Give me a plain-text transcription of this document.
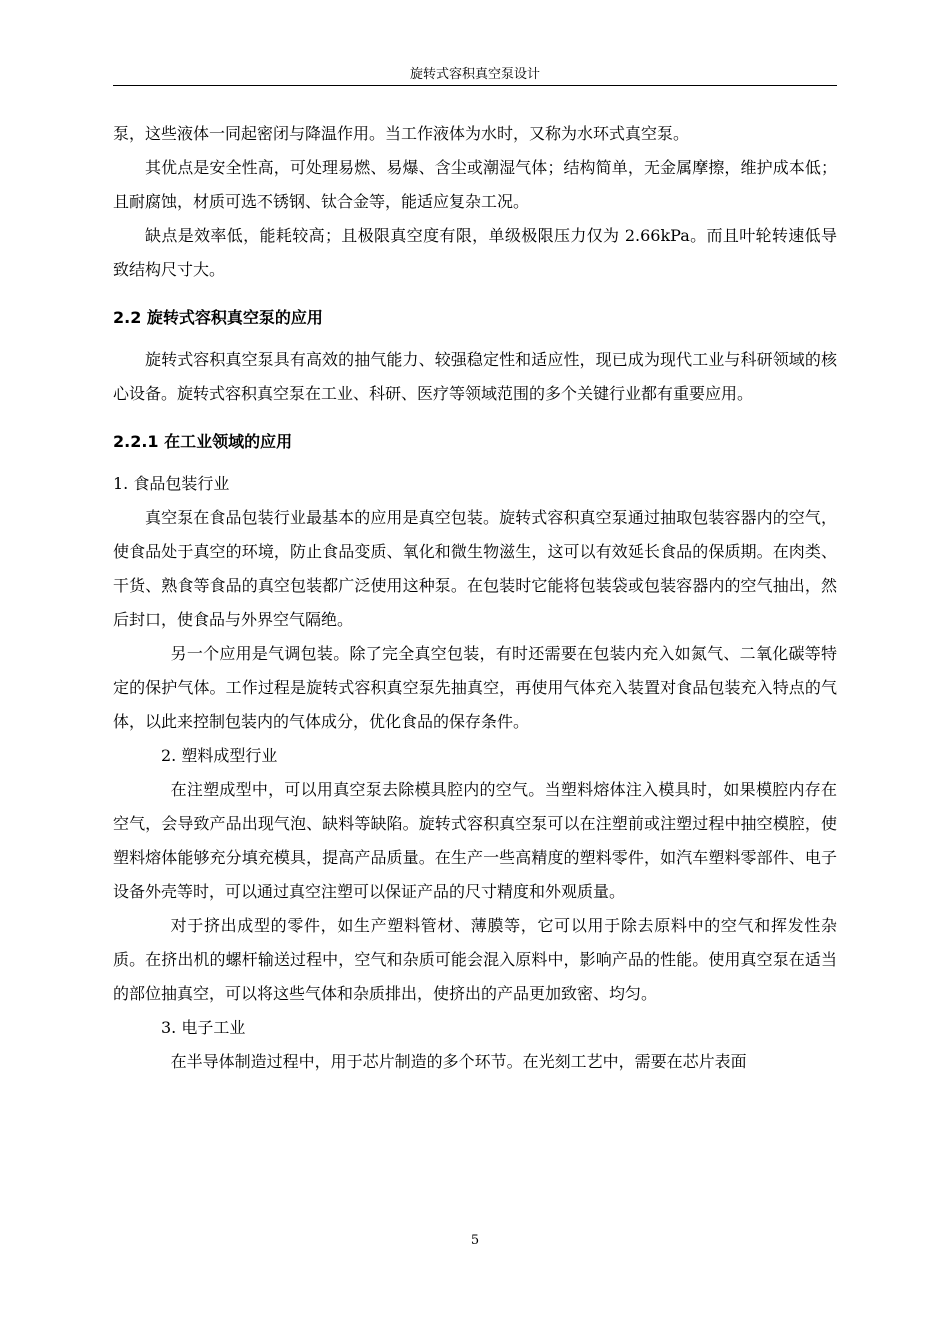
旋转式容积真空泵设计

泵，这些液体一同起密闭与降温作用。当工作液体为水时，又称为水环式真空泵。

其优点是安全性高，可处理易燃、易爆、含尘或潮湿气体；结构简单，无金属摩擦，维护成本低；且耐腐蚀，材质可选不锈钢、钛合金等，能适应复杂工况。

缺点是效率低，能耗较高；且极限真空度有限，单级极限压力仅为 2.66kPa。而且叶轮转速低导致结构尺寸大。

2.2 旋转式容积真空泵的应用

旋转式容积真空泵具有高效的抽气能力、较强稳定性和适应性，现已成为现代工业与科研领域的核心设备。旋转式容积真空泵在工业、科研、医疗等领域范围的多个关键行业都有重要应用。

2.2.1 在工业领域的应用

1. 食品包装行业

真空泵在食品包装行业最基本的应用是真空包装。旋转式容积真空泵通过抽取包装容器内的空气，使食品处于真空的环境，防止食品变质、氧化和微生物滋生，这可以有效延长食品的保质期。在肉类、干货、熟食等食品的真空包装都广泛使用这种泵。在包装时它能将包装袋或包装容器内的空气抽出，然后封口，使食品与外界空气隔绝。

另一个应用是气调包装。除了完全真空包装，有时还需要在包装内充入如氮气、二氧化碳等特定的保护气体。工作过程是旋转式容积真空泵先抽真空，再使用气体充入装置对食品包装充入特点的气体，以此来控制包装内的气体成分，优化食品的保存条件。

2. 塑料成型行业

在注塑成型中，可以用真空泵去除模具腔内的空气。当塑料熔体注入模具时，如果模腔内存在空气，会导致产品出现气泡、缺料等缺陷。旋转式容积真空泵可以在注塑前或注塑过程中抽空模腔，使塑料熔体能够充分填充模具，提高产品质量。在生产一些高精度的塑料零件，如汽车塑料零部件、电子设备外壳等时，可以通过真空注塑可以保证产品的尺寸精度和外观质量。

对于挤出成型的零件，如生产塑料管材、薄膜等，它可以用于除去原料中的空气和挥发性杂质。在挤出机的螺杆输送过程中，空气和杂质可能会混入原料中，影响产品的性能。使用真空泵在适当的部位抽真空，可以将这些气体和杂质排出，使挤出的产品更加致密、均匀。

3. 电子工业

在半导体制造过程中，用于芯片制造的多个环节。在光刻工艺中，需要在芯片表面

5
